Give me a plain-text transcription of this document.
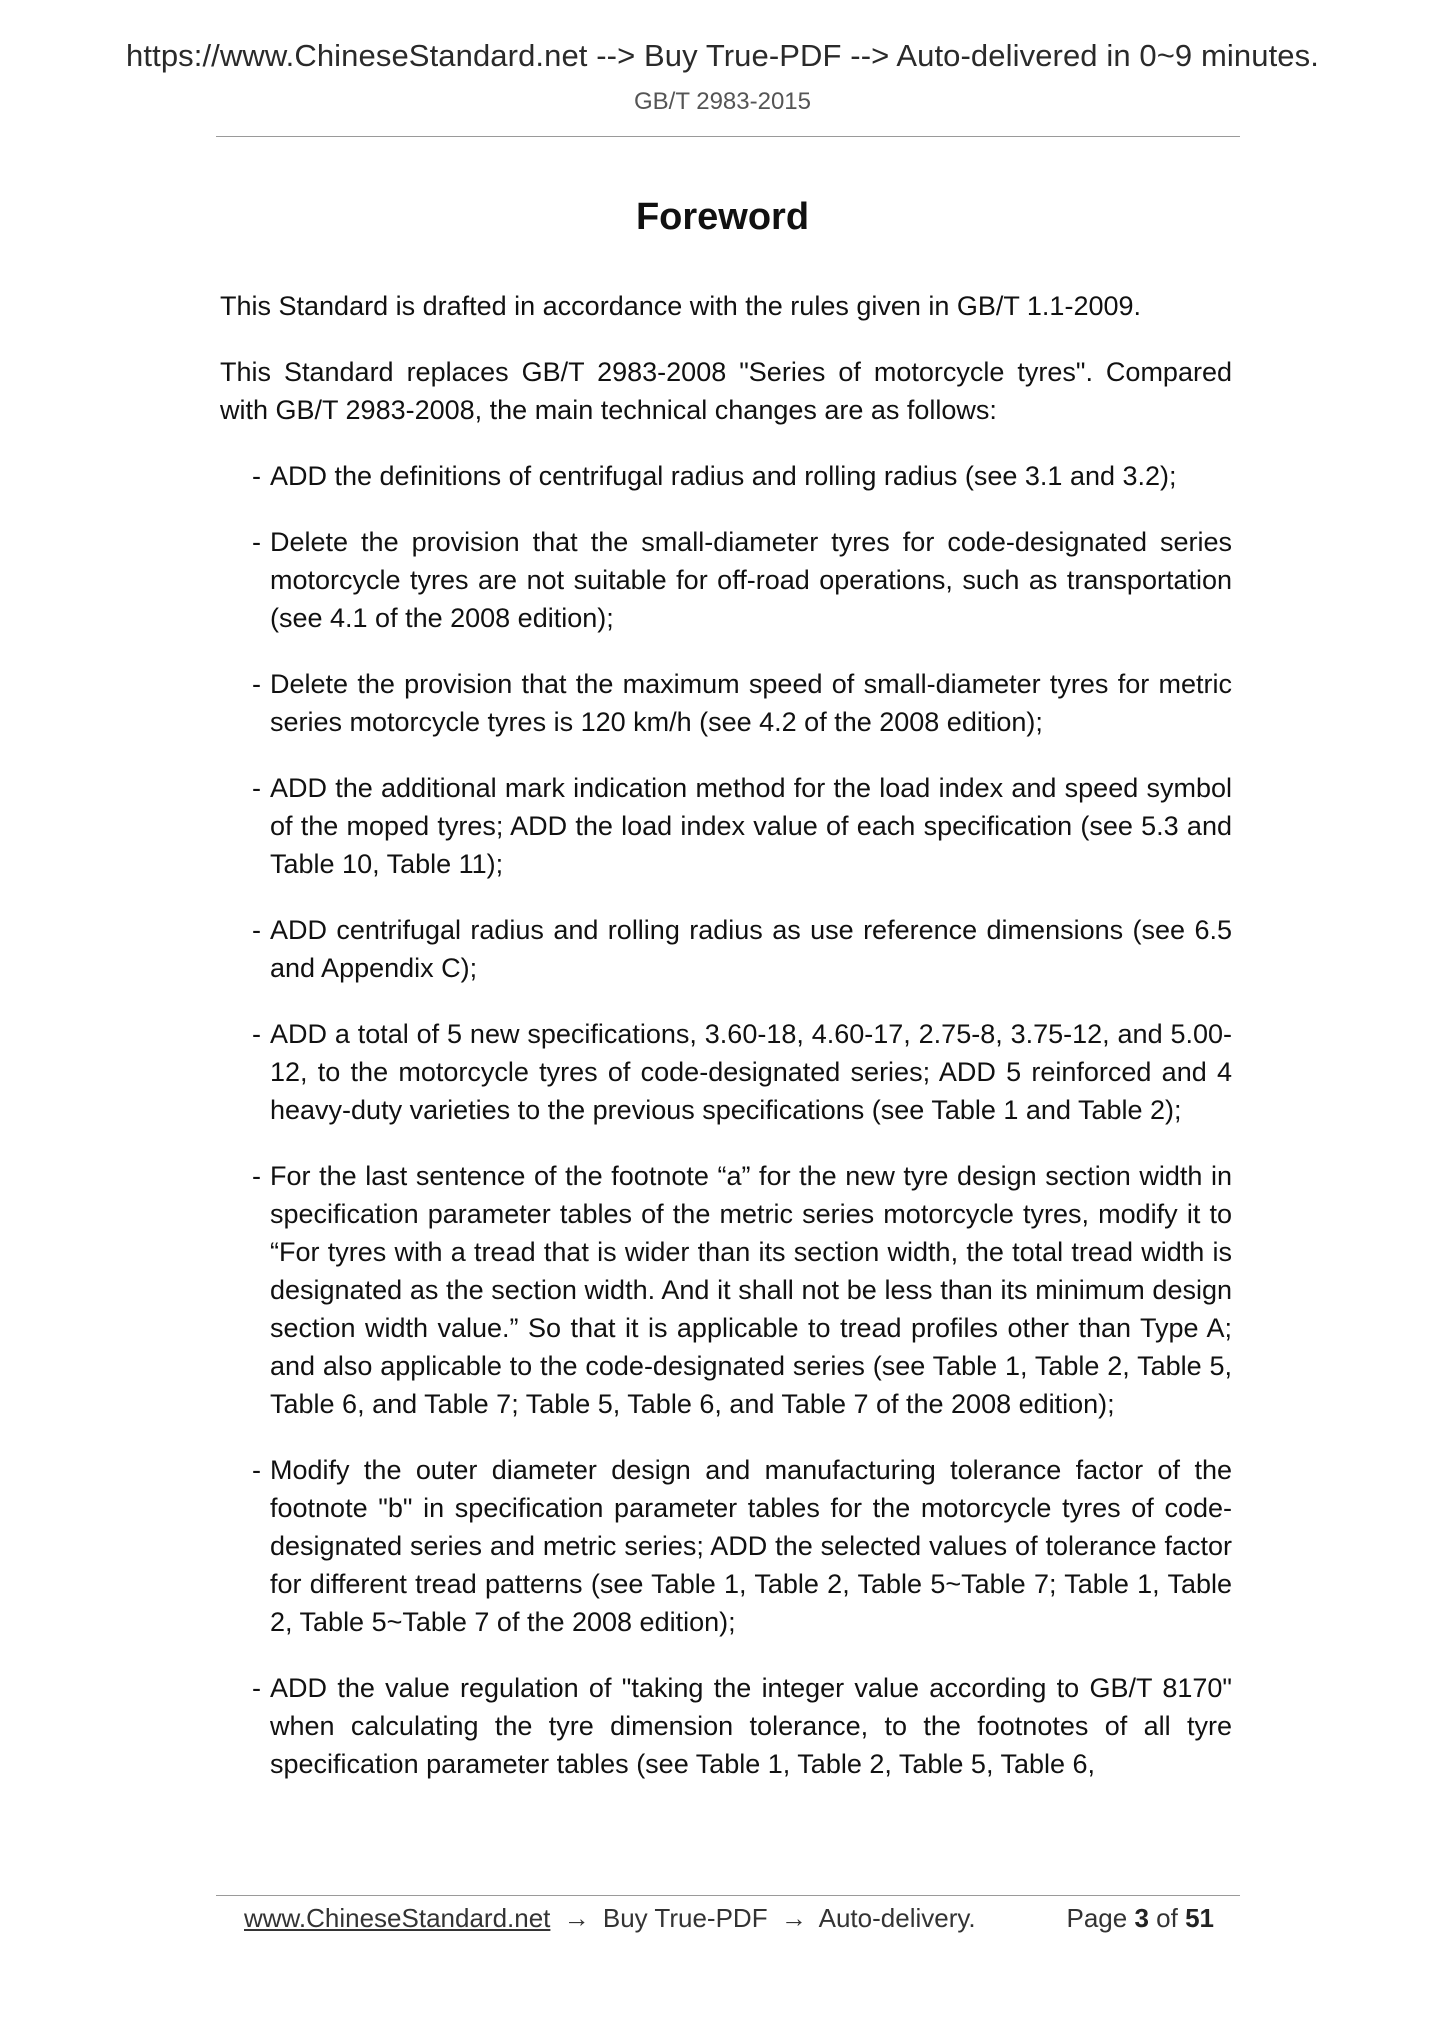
https://www.ChineseStandard.net --> Buy True-PDF --> Auto-delivered in 0~9 minutes.
GB/T 2983-2015
Foreword

This Standard is drafted in accordance with the rules given in GB/T 1.1-2009.

This Standard replaces GB/T 2983-2008 "Series of motorcycle tyres". Compared with GB/T 2983-2008, the main technical changes are as follows:

- ADD the definitions of centrifugal radius and rolling radius (see 3.1 and 3.2);
- Delete the provision that the small-diameter tyres for code-designated series motorcycle tyres are not suitable for off-road operations, such as transportation (see 4.1 of the 2008 edition);
- Delete the provision that the maximum speed of small-diameter tyres for metric series motorcycle tyres is 120 km/h (see 4.2 of the 2008 edition);
- ADD the additional mark indication method for the load index and speed symbol of the moped tyres; ADD the load index value of each specification (see 5.3 and Table 10, Table 11);
- ADD centrifugal radius and rolling radius as use reference dimensions (see 6.5 and Appendix C);
- ADD a total of 5 new specifications, 3.60-18, 4.60-17, 2.75-8, 3.75-12, and 5.00-12, to the motorcycle tyres of code-designated series; ADD 5 reinforced and 4 heavy-duty varieties to the previous specifications (see Table 1 and Table 2);
- For the last sentence of the footnote “a” for the new tyre design section width in specification parameter tables of the metric series motorcycle tyres, modify it to “For tyres with a tread that is wider than its section width, the total tread width is designated as the section width. And it shall not be less than its minimum design section width value.” So that it is applicable to tread profiles other than Type A; and also applicable to the code-designated series (see Table 1, Table 2, Table 5, Table 6, and Table 7; Table 5, Table 6, and Table 7 of the 2008 edition);
- Modify the outer diameter design and manufacturing tolerance factor of the footnote "b" in specification parameter tables for the motorcycle tyres of code-designated series and metric series; ADD the selected values of tolerance factor for different tread patterns (see Table 1, Table 2, Table 5~Table 7; Table 1, Table 2, Table 5~Table 7 of the 2008 edition);
- ADD the value regulation of "taking the integer value according to GB/T 8170" when calculating the tyre dimension tolerance, to the footnotes of all tyre specification parameter tables (see Table 1, Table 2, Table 5, Table 6,
www.ChineseStandard.net → Buy True-PDF → Auto-delivery.	Page 3 of 51
